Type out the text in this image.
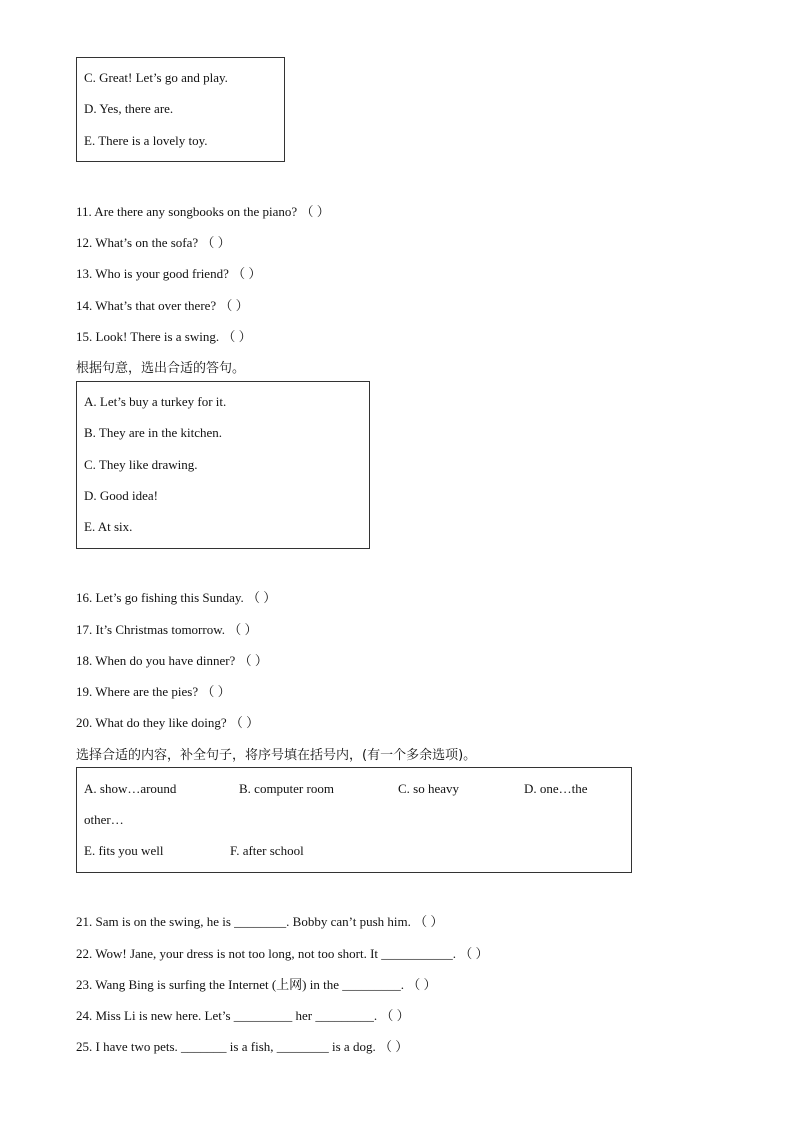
C. Great! Let’s go and play.
D. Yes, there are.
E. There is a lovely toy.
11. Are there any songbooks on the piano? （ ）
12. What’s on the sofa? （ ）
13. Who is your good friend? （ ）
14. What’s that over there? （ ）
15. Look! There is a swing. （ ）
根据句意，选出合适的答句。
A. Let’s buy a turkey for it.
B. They are in the kitchen.
C. They like drawing.
D. Good idea!
E. At six.
16. Let’s go fishing this Sunday. （ ）
17. It’s Christmas tomorrow. （ ）
18. When do you have dinner? （ ）
19. Where are the pies? （ ）
20. What do they like doing? （ ）
选择合适的内容，补全句子，将序号填在括号内，(有一个多余选项)。
A. show…around	B. computer room	C. so heavy	D. one…the
other…
E. fits you well	F. after school
21. Sam is on the swing, he is ________. Bobby can’t push him. （ ）
22. Wow! Jane, your dress is not too long, not too short. It ___________. （ ）
23. Wang Bing is surfing the Internet (上网) in the _________. （ ）
24. Miss Li is new here. Let’s _________ her _________. （ ）
25. I have two pets. _______ is a fish, ________ is a dog. （ ）
